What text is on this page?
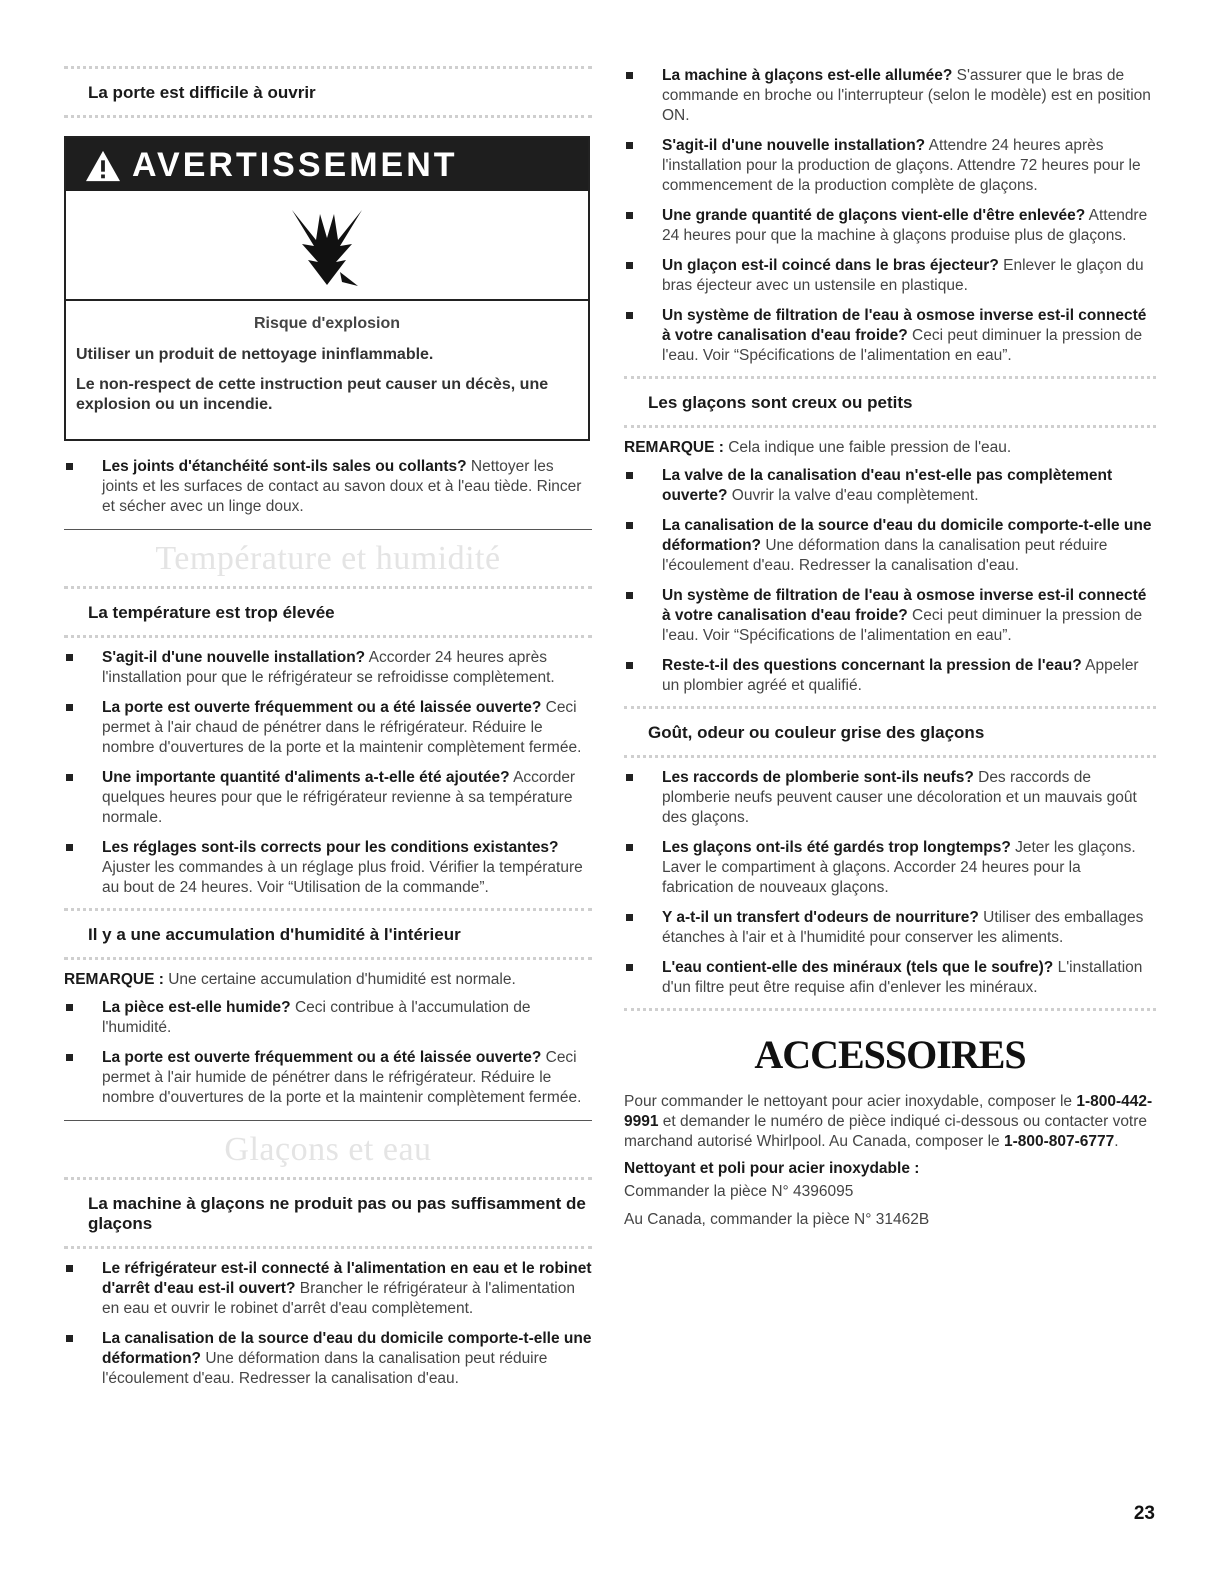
La porte est difficile à ouvrir
AVERTISSEMENT
Risque d'explosion

Utiliser un produit de nettoyage ininflammable.

Le non-respect de cette instruction peut causer un décès, une explosion ou un incendie.

Les joints d'étanchéité sont-ils sales ou collants? Nettoyer les joints et les surfaces de contact au savon doux et à l'eau tiède. Rincer et sécher avec un linge doux.
Température et humidité
La température est trop élevée
S'agit-il d'une nouvelle installation? Accorder 24 heures après l'installation pour que le réfrigérateur se refroidisse complètement.
La porte est ouverte fréquemment ou a été laissée ouverte? Ceci permet à l'air chaud de pénétrer dans le réfrigérateur. Réduire le nombre d'ouvertures de la porte et la maintenir complètement fermée.
Une importante quantité d'aliments a-t-elle été ajoutée? Accorder quelques heures pour que le réfrigérateur revienne à sa température normale.
Les réglages sont-ils corrects pour les conditions existantes? Ajuster les commandes à un réglage plus froid. Vérifier la température au bout de 24 heures. Voir “Utilisation de la commande”.
Il y a une accumulation d'humidité à l'intérieur

REMARQUE : Une certaine accumulation d'humidité est normale.

La pièce est-elle humide? Ceci contribue à l'accumulation de l'humidité.
La porte est ouverte fréquemment ou a été laissée ouverte? Ceci permet à l'air humide de pénétrer dans le réfrigérateur. Réduire le nombre d'ouvertures de la porte et la maintenir complètement fermée.
Glaçons et eau
La machine à glaçons ne produit pas ou pas suffisamment de glaçons
Le réfrigérateur est-il connecté à l'alimentation en eau et le robinet d'arrêt d'eau est-il ouvert? Brancher le réfrigérateur à l'alimentation en eau et ouvrir le robinet d'arrêt d'eau complètement.
La canalisation de la source d'eau du domicile comporte-t-elle une déformation? Une déformation dans la canalisation peut réduire l'écoulement d'eau. Redresser la canalisation d'eau.
La machine à glaçons est-elle allumée? S'assurer que le bras de commande en broche ou l'interrupteur (selon le modèle) est en position ON.
S'agit-il d'une nouvelle installation? Attendre 24 heures après l'installation pour la production de glaçons. Attendre 72 heures pour le commencement de la production complète de glaçons.
Une grande quantité de glaçons vient-elle d'être enlevée? Attendre 24 heures pour que la machine à glaçons produise plus de glaçons.
Un glaçon est-il coincé dans le bras éjecteur? Enlever le glaçon du bras éjecteur avec un ustensile en plastique.
Un système de filtration de l'eau à osmose inverse est-il connecté à votre canalisation d'eau froide? Ceci peut diminuer la pression de l'eau. Voir “Spécifications de l'alimentation en eau”.
Les glaçons sont creux ou petits

REMARQUE : Cela indique une faible pression de l'eau.

La valve de la canalisation d'eau n'est-elle pas complètement ouverte? Ouvrir la valve d'eau complètement.
La canalisation de la source d'eau du domicile comporte-t-elle une déformation? Une déformation dans la canalisation peut réduire l'écoulement d'eau. Redresser la canalisation d'eau.
Un système de filtration de l'eau à osmose inverse est-il connecté à votre canalisation d'eau froide? Ceci peut diminuer la pression de l'eau. Voir “Spécifications de l'alimentation en eau”.
Reste-t-il des questions concernant la pression de l'eau? Appeler un plombier agréé et qualifié.
Goût, odeur ou couleur grise des glaçons
Les raccords de plomberie sont-ils neufs? Des raccords de plomberie neufs peuvent causer une décoloration et un mauvais goût des glaçons.
Les glaçons ont-ils été gardés trop longtemps? Jeter les glaçons. Laver le compartiment à glaçons. Accorder 24 heures pour la fabrication de nouveaux glaçons.
Y a-t-il un transfert d'odeurs de nourriture? Utiliser des emballages étanches à l'air et à l'humidité pour conserver les aliments.
L'eau contient-elle des minéraux (tels que le soufre)? L'installation d'un filtre peut être requise afin d'enlever les minéraux.
ACCESSOIRES

Pour commander le nettoyant pour acier inoxydable, composer le 1-800-442-9991 et demander le numéro de pièce indiqué ci-dessous ou contacter votre marchand autorisé Whirlpool. Au Canada, composer le 1-800-807-6777.

Nettoyant et poli pour acier inoxydable :

Commander la pièce N° 4396095

Au Canada, commander la pièce N° 31462B

23
